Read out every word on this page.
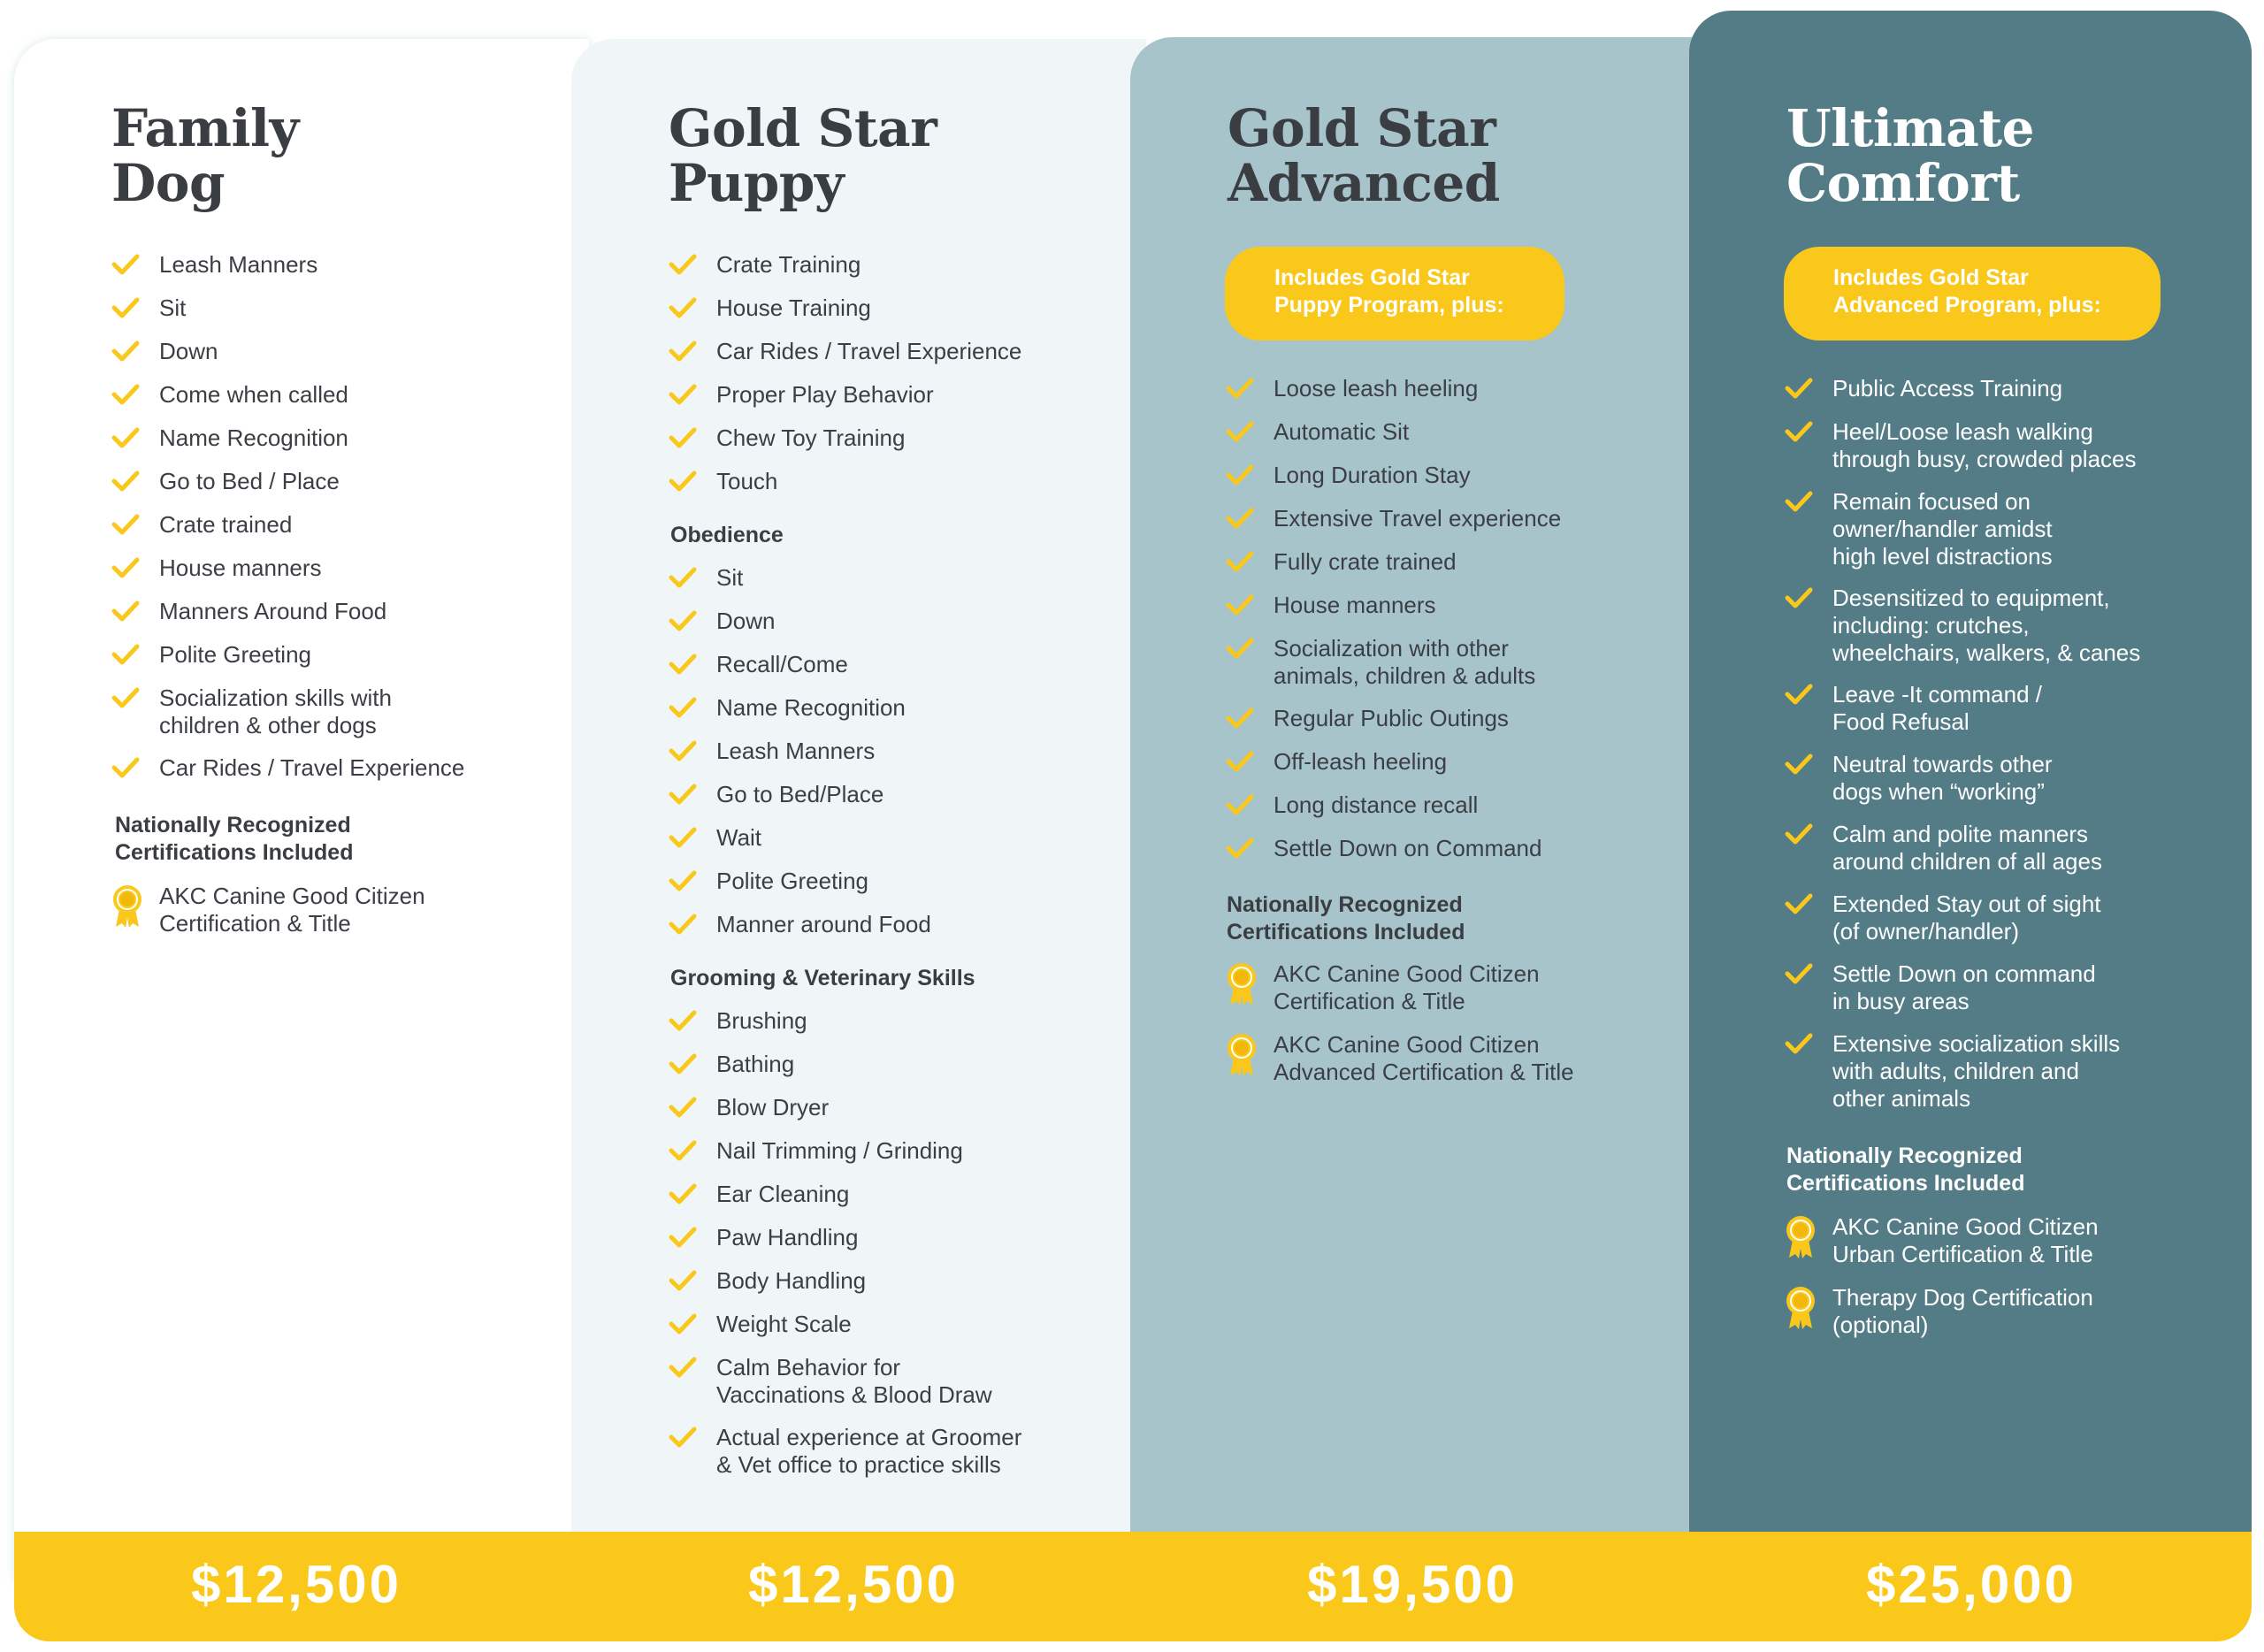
Family
Dog
Leash Manners
Sit
Down
Come when called
Name Recognition
Go to Bed / Place
Crate trained
House manners
Manners Around Food
Polite Greeting
Socialization skills with
children & other dogs
Car Rides / Travel Experience
Nationally Recognized
Certifications Included
AKC Canine Good Citizen
Certification & Title
Gold Star
Puppy
Crate Training
House Training
Car Rides / Travel Experience
Proper Play Behavior
Chew Toy Training
Touch
Obedience
Sit
Down
Recall/Come
Name Recognition
Leash Manners
Go to Bed/Place
Wait
Polite Greeting
Manner around Food
Grooming & Veterinary Skills
Brushing
Bathing
Blow Dryer
Nail Trimming / Grinding
Ear Cleaning
Paw Handling
Body Handling
Weight Scale
Calm Behavior for
Vaccinations & Blood Draw
Actual experience at Groomer
& Vet office to practice skills
Gold Star
Advanced
Includes Gold Star
Puppy Program, plus:
Loose leash heeling
Automatic Sit
Long Duration Stay
Extensive Travel experience
Fully crate trained
House manners
Socialization with other
animals, children & adults
Regular Public Outings
Off-leash heeling
Long distance recall
Settle Down on Command
Nationally Recognized
Certifications Included
AKC Canine Good Citizen
Certification & Title
AKC Canine Good Citizen
Advanced Certification & Title
Ultimate
Comfort
Includes Gold Star
Advanced Program, plus:
Public Access Training
Heel/Loose leash walking
through busy, crowded places
Remain focused on
owner/handler amidst
high level distractions
Desensitized to equipment,
including: crutches,
wheelchairs, walkers, & canes
Leave -It command /
Food Refusal
Neutral towards other
dogs when “working”
Calm and polite manners
around children of all ages
Extended Stay out of sight
(of owner/handler)
Settle Down on command
in busy areas
Extensive socialization skills
with adults, children and
other animals
Nationally Recognized
Certifications Included
AKC Canine Good Citizen
Urban Certification & Title
Therapy Dog Certification
(optional)
$12,500	$12,500	$19,500	$25,000
